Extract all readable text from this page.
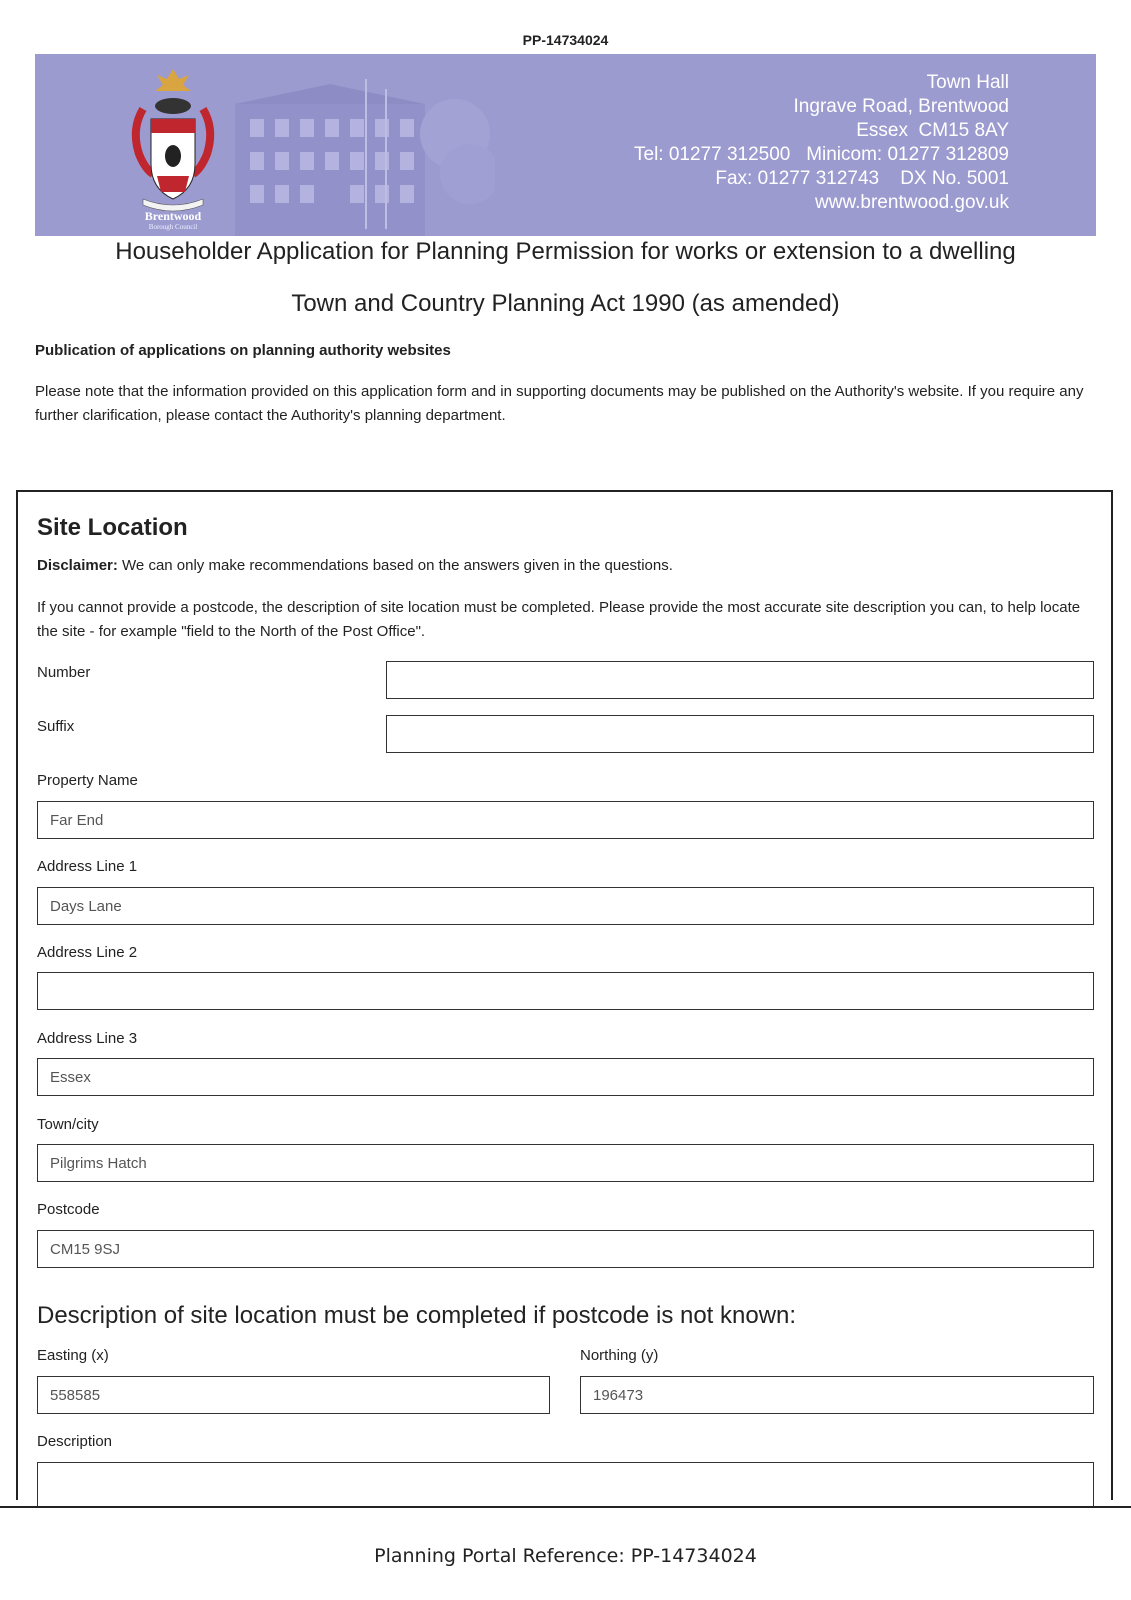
PP-14734024
Brentwood
Borough Council
Town Hall
Ingrave Road, Brentwood
Essex  CM15 8AY
Tel: 01277 312500   Minicom: 01277 312809
Fax: 01277 312743    DX No. 5001
www.brentwood.gov.uk
Householder Application for Planning Permission for works or extension to a dwelling
Town and Country Planning Act 1990 (as amended)
Publication of applications on planning authority websites
Please note that the information provided on this application form and in supporting documents may be published on the Authority's website. If you require any further clarification, please contact the Authority's planning department.
Site Location
Disclaimer: We can only make recommendations based on the answers given in the questions.
If you cannot provide a postcode, the description of site location must be completed. Please provide the most accurate site description you can, to help locate the site - for example "field to the North of the Post Office".
Number
Suffix
Property Name
Far End
Address Line 1
Days Lane
Address Line 2
Address Line 3
Essex
Town/city
Pilgrims Hatch
Postcode
CM15 9SJ
Description of site location must be completed if postcode is not known:
Easting (x)
558585
Northing (y)
196473
Description
Planning Portal Reference: PP-14734024
